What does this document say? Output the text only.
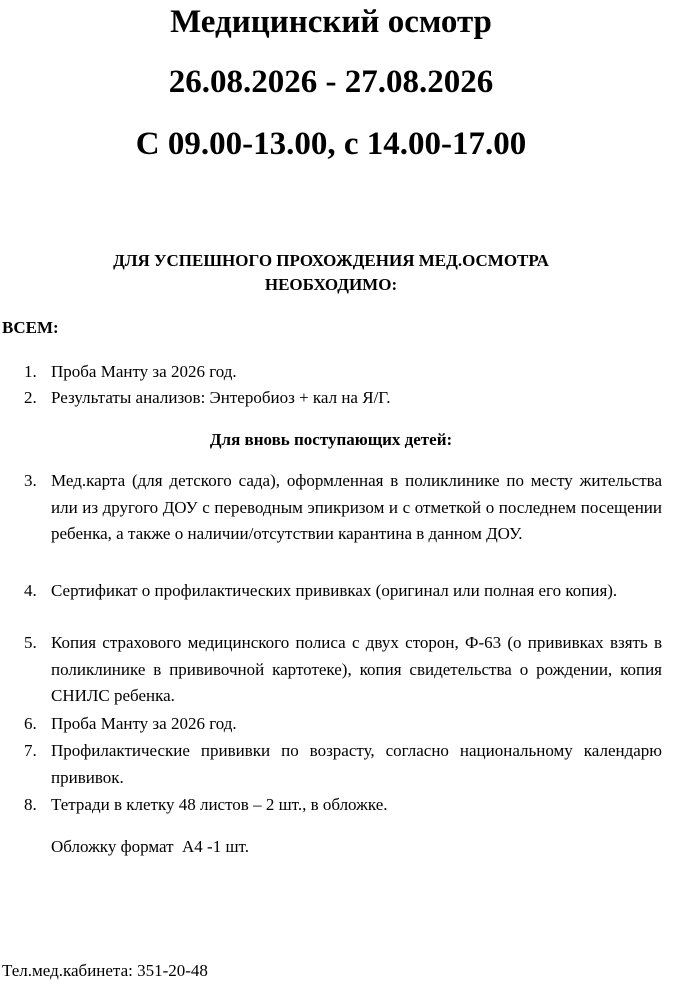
Медицинский осмотр
26.08.2026 - 27.08.2026
С 09.00-13.00, с 14.00-17.00
ДЛЯ УСПЕШНОГО ПРОХОЖДЕНИЯ МЕД.ОСМОТРА
НЕОБХОДИМО:
ВСЕМ:
1. Проба Манту за 2026 год.
2. Результаты анализов: Энтеробиоз + кал на Я/Г.
Для вновь поступающих детей:
3. Мед.карта (для детского сада), оформленная в поликлинике по месту жительства или из другого ДОУ с переводным эпикризом и с отметкой о последнем посещении ребенка, а также о наличии/отсутствии карантина в данном ДОУ.
4. Сертификат о профилактических прививках (оригинал или полная его копия).
5. Копия страхового медицинского полиса с двух сторон, Ф-63 (о прививках взять в поликлинике в прививочной картотеке), копия свидетельства о рождении, копия СНИЛС ребенка.
6. Проба Манту за 2026 год.
7. Профилактические прививки по возрасту, согласно национальному календарю прививок.
8. Тетради в клетку 48 листов – 2 шт., в обложке.
Обложку формат  А4 -1 шт.
Тел.мед.кабинета: 351-20-48
